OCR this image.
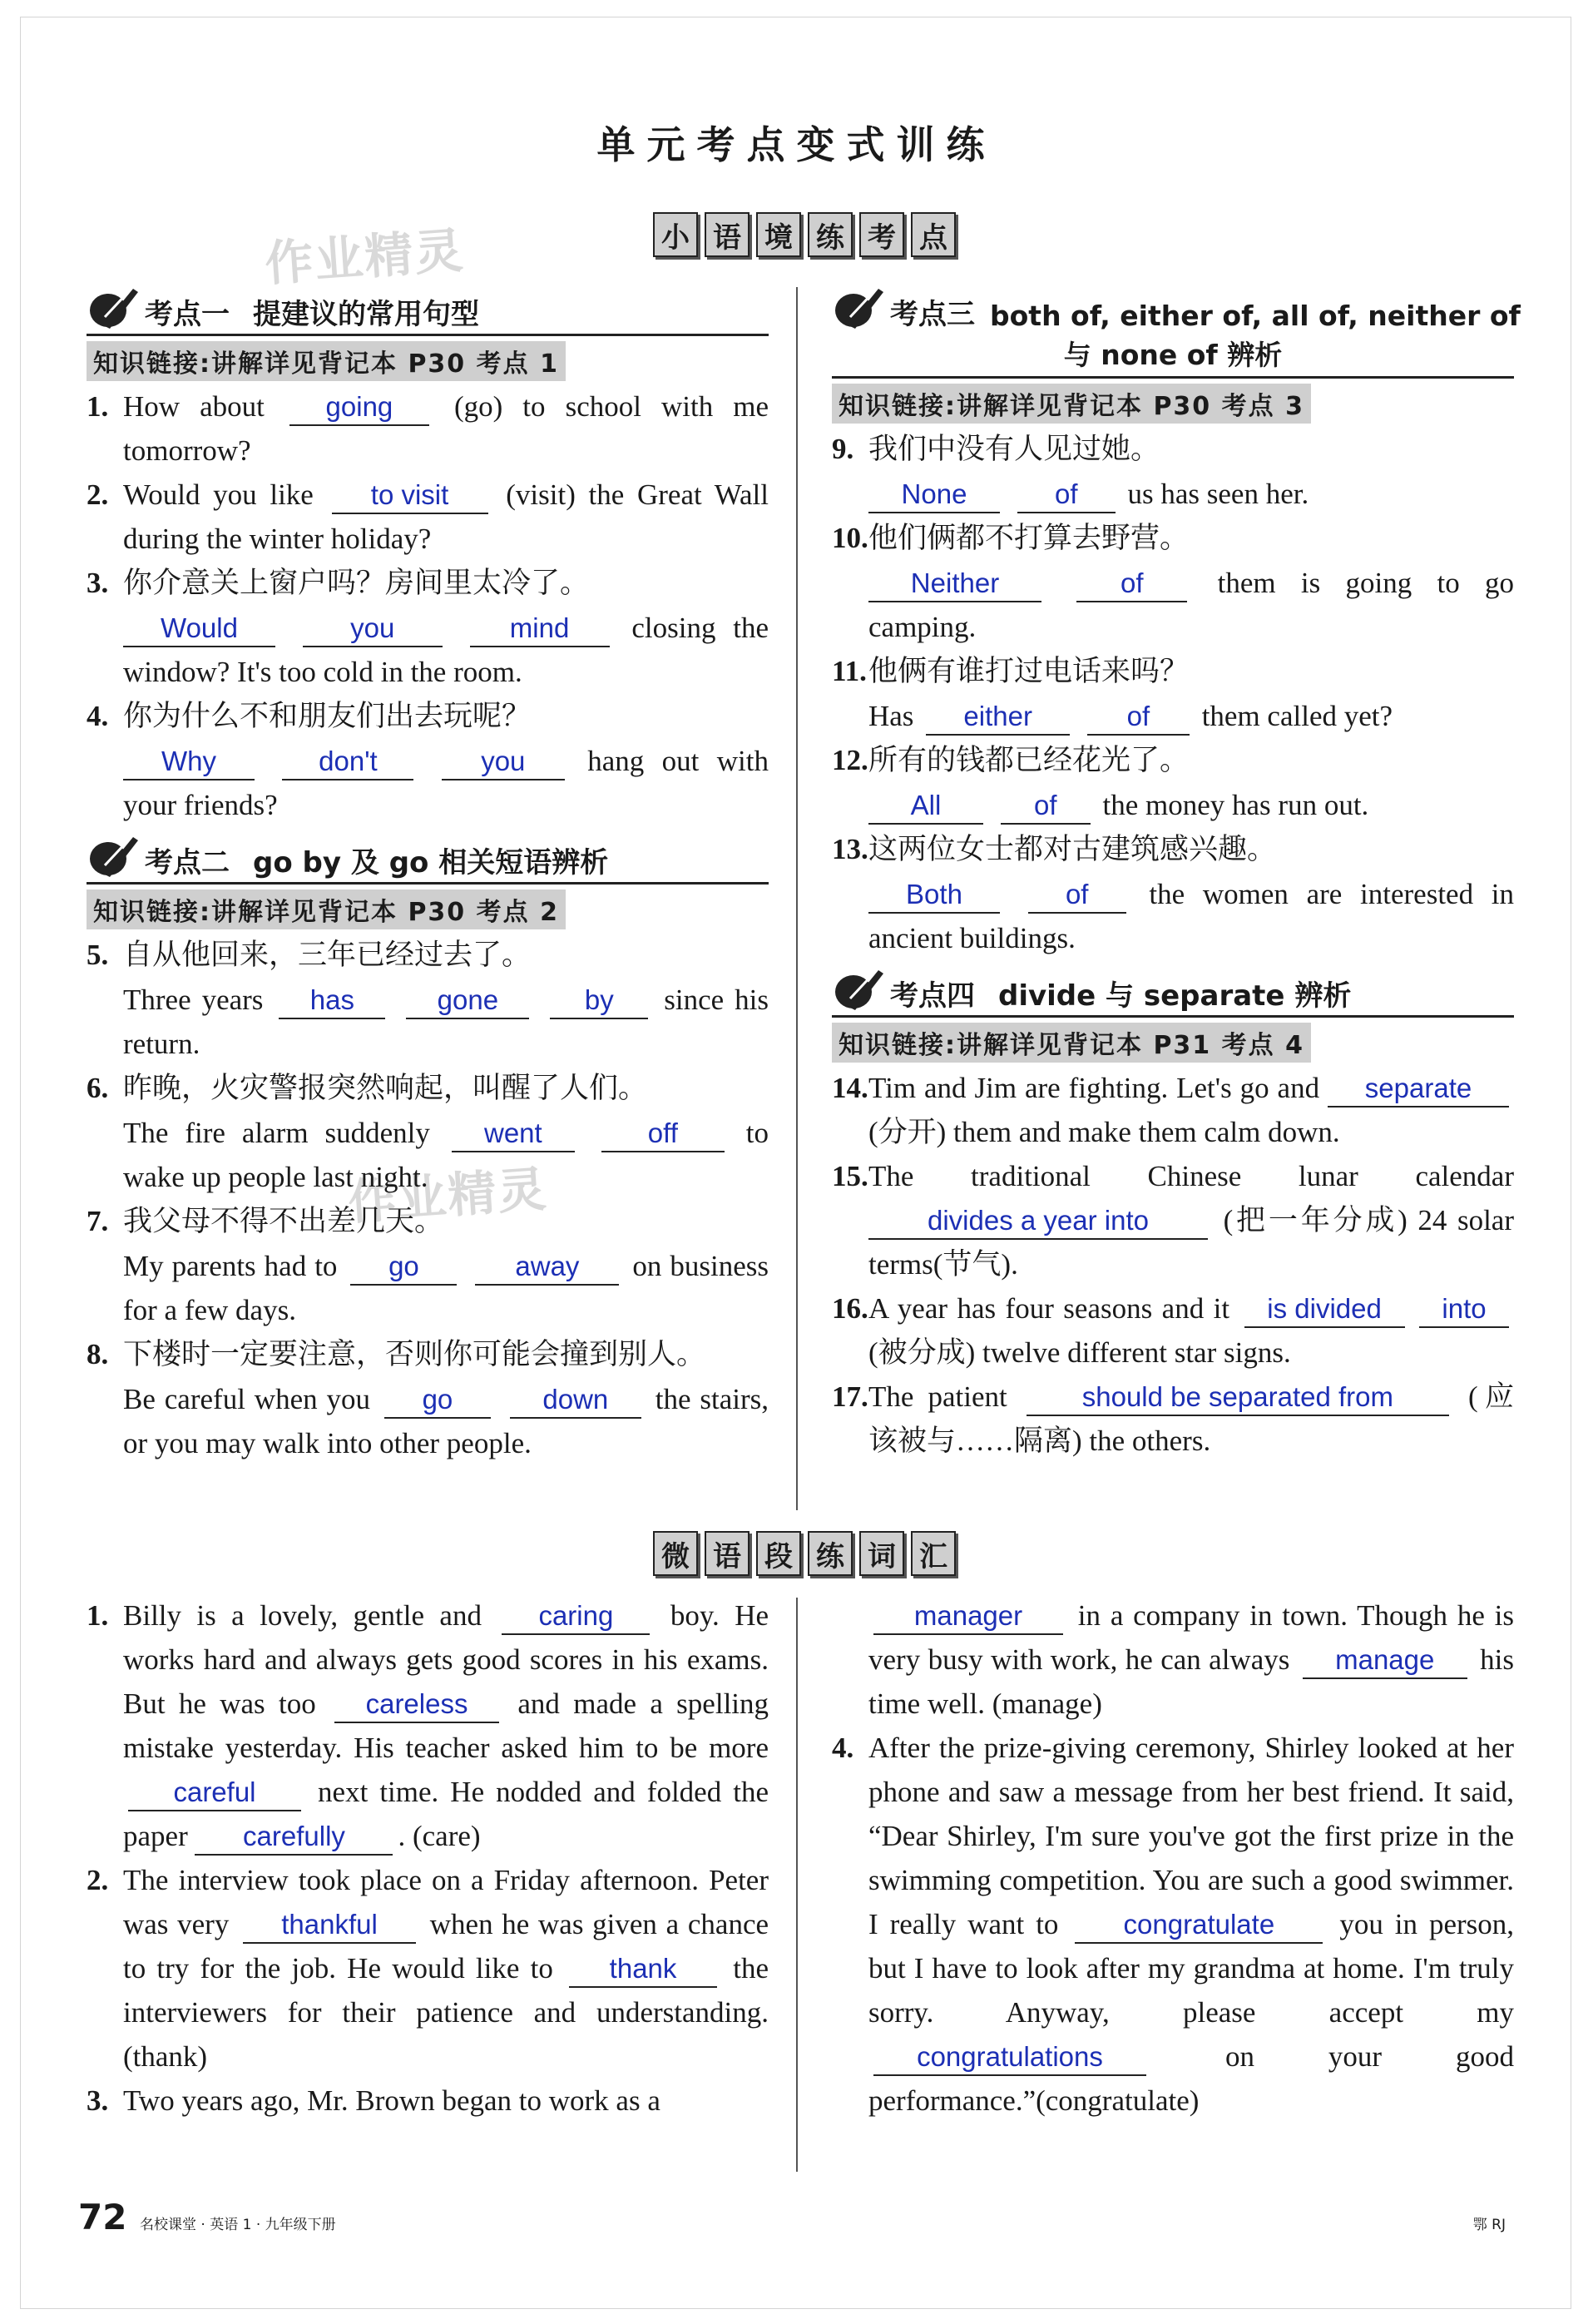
作业精灵
作业精灵
单元考点变式训练
小 语 境 练 考 点
考点一 提建议的常用句型
知识链接:讲解详见背记本 P30 考点 1
1. How about going (go) to school with me tomorrow?
2. Would you like to visit (visit) the Great Wall during the winter holiday?
3. 你介意关上窗户吗？房间里太冷了。
Would	you	mind closing the window? It's too cold in the room.
4. 你为什么不和朋友们出去玩呢？
Why	don't	you hang out with your friends?
考点二 go by 及 go 相关短语辨析
知识链接:讲解详见背记本 P30 考点 2
5. 自从他回来，三年已经过去了。
Three years has	gone	by since his return.
6. 昨晚，火灾警报突然响起，叫醒了人们。
The fire alarm suddenly went	off to wake up people last night.
7. 我父母不得不出差几天。
My parents had to go	away on business for a few days.
8. 下楼时一定要注意，否则你可能会撞到别人。
Be careful when you go	down the stairs, or you may walk into other people.
考点三 both of, either of, all of, neither of
与 none of 辨析
知识链接:讲解详见背记本 P30 考点 3
9. 我们中没有人见过她。
None	of us has seen her.
10. 他们俩都不打算去野营。
Neither	of	them is going to go camping.
11. 他俩有谁打过电话来吗？
Has either	of them called yet?
12. 所有的钱都已经花光了。
All	of the money has run out.
13. 这两位女士都对古建筑感兴趣。
Both	of the women are interested in ancient buildings.
考点四 divide 与 separate 辨析
知识链接:讲解详见背记本 P31 考点 4
14. Tim and Jim are fighting. Let's go and separate (分开) them and make them calm down.
15. The traditional Chinese lunar calendar divides a year into	(把一年分成) 24 solar terms(节气).
16. A year has four seasons and it is divided into (被分成) twelve different star signs.
17. The patient	should be separated from	(应该被与……隔离) the others.
微 语 段 练 词 汇
1. Billy is a lovely, gentle and caring boy. He works hard and always gets good scores in his exams. But he was too careless and made a spelling mistake yesterday. His teacher asked him to be more careful next time. He nodded and folded the paper carefully . (care)
2. The interview took place on a Friday afternoon. Peter was very thankful when he was given a chance to try for the job. He would like to thank the interviewers for their patience and understanding. (thank)
3. Two years ago, Mr. Brown began to work as a
manager in a company in town. Though he is very busy with work, he can always manage his time well. (manage)
4. After the prize-giving ceremony, Shirley looked at her phone and saw a message from her best friend. It said, “Dear Shirley, I'm sure you've got the first prize in the swimming competition. You are such a good swimmer. I really want to congratulate you in person, but I have to look after my grandma at home. I'm truly sorry. Anyway, please accept my congratulations	on your good performance.”(congratulate)
72 名校课堂 · 英语 1 · 九年级下册	鄂 RJ
